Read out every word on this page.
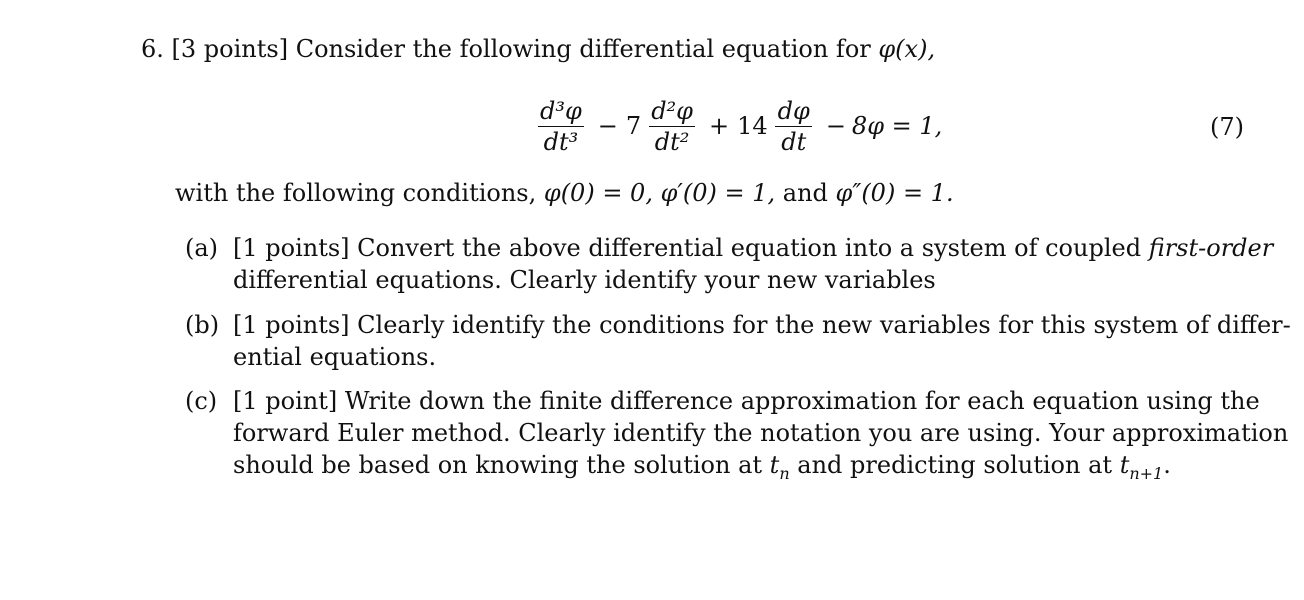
6. [3 points] Consider the following differential equation for φ(x),
$\frac{\text{d³φ}}{\text{dt³}} - 7 \frac{\text{d²φ}}{\text{dt²}} + 14 \frac{d\varphi}{dt} - 8\varphi = 1$,	(7)
with the following conditions, φ(0) = 0, φ′(0) = 1, and φ″(0) = 1.
(a) [1 points] Convert the above differential equation into a system of coupled first-order
differential equations. Clearly identify your new variables
(b) [1 points] Clearly identify the conditions for the new variables for this system of differ-
ential equations.
(c) [1 point] Write down the finite difference approximation for each equation using the
forward Euler method. Clearly identify the notation you are using. Your approximation
should be based on knowing the solution at $t_n$ and predicting solution at $t_{n+1}$.
